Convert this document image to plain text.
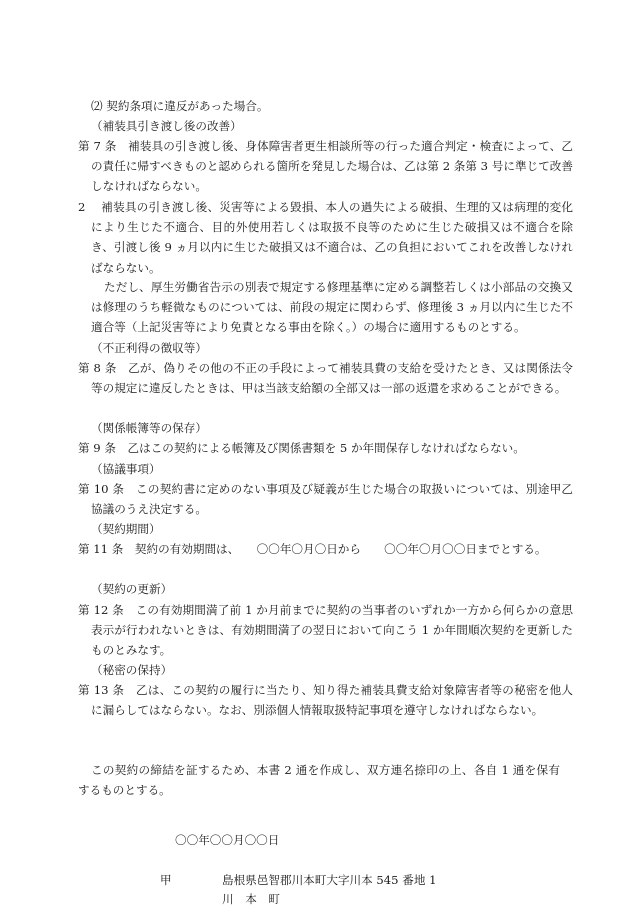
⑵ 契約条項に違反があった場合。

（補装具引き渡し後の改善）

第 7 条　補装具の引き渡し後、身体障害者更生相談所等の行った適合判定・検査によって、乙の責任に帰すべきものと認められる箇所を発見した場合は、乙は第 2 条第 3 号に準じて改善しなければならない。

2　 補装具の引き渡し後、災害等による毀損、本人の過失による破損、生理的又は病理的変化により生じた不適合、目的外使用若しくは取扱不良等のために生じた破損又は不適合を除き、引渡し後 9 ヵ月以内に生じた破損又は不適合は、乙の負担においてこれを改善しなければならない。

ただし、厚生労働省告示の別表で規定する修理基準に定める調整若しくは小部品の交換又は修理のうち軽微なものについては、前段の規定に関わらず、修理後 3 ヵ月以内に生じた不適合等（上記災害等により免責となる事由を除く。）の場合に適用するものとする。

（不正利得の徴収等）

第 8 条　乙が、偽りその他の不正の手段によって補装具費の支給を受けたとき、又は関係法令等の規定に違反したときは、甲は当該支給額の全部又は一部の返還を求めることができる。

（関係帳簿等の保存）

第 9 条　乙はこの契約による帳簿及び関係書類を 5 か年間保存しなければならない。

（協議事項）

第 10 条　この契約書に定めのない事項及び疑義が生じた場合の取扱いについては、別途甲乙協議のうえ決定する。

（契約期間）

第 11 条　契約の有効期間は、　　〇〇年〇月〇日から　　〇〇年〇月〇〇日までとする。

（契約の更新）

第 12 条　この有効期間満了前 1 か月前までに契約の当事者のいずれか一方から何らかの意思表示が行われないときは、有効期間満了の翌日において向こう 1 か年間順次契約を更新したものとみなす。

（秘密の保持）

第 13 条　乙は、この契約の履行に当たり、知り得た補装具費支給対象障害者等の秘密を他人に漏らしてはならない。なお、別添個人情報取扱特記事項を遵守しなければならない。

この契約の締結を証するため、本書 2 通を作成し、双方連名捺印の上、各自 1 通を保有するものとする。

〇〇年〇〇月〇〇日

甲	島根県邑智郡川本町大字川本 545 番地 1

川　本　町
